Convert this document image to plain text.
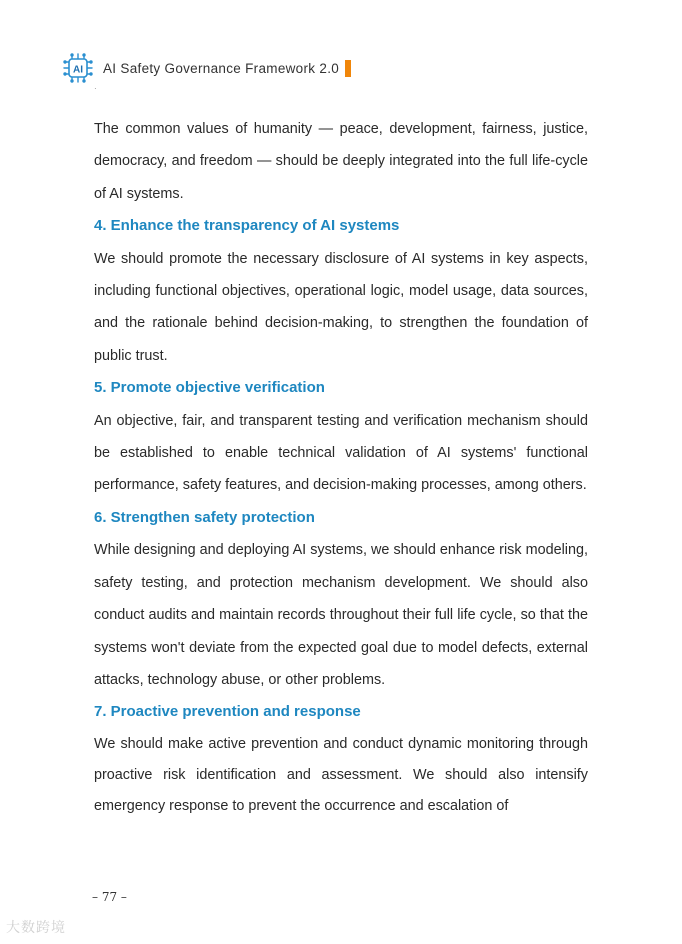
AI AI Safety Governance Framework 2.0
·

The common values of humanity — peace, development, fairness, justice, democracy, and freedom — should be deeply integrated into the full life-cycle of AI systems.

4. Enhance the transparency of AI systems

We should promote the necessary disclosure of AI systems in key aspects, including functional objectives, operational logic, model usage, data sources, and the rationale behind decision-making, to strengthen the foundation of public trust.

5. Promote objective verification

An objective, fair, and transparent testing and verification mechanism should be established to enable technical validation of AI systems' functional performance, safety features, and decision-making processes, among others.

6. Strengthen safety protection

While designing and deploying AI systems, we should enhance risk modeling, safety testing, and protection mechanism development. We should also conduct audits and maintain records throughout their full life cycle, so that the systems won't deviate from the expected goal due to model defects, external attacks, technology abuse, or other problems.

7. Proactive prevention and response

We should make active prevention and conduct dynamic monitoring through proactive risk identification and assessment. We should also intensify emergency response to prevent the occurrence and escalation of

– 77 –
大数跨境
